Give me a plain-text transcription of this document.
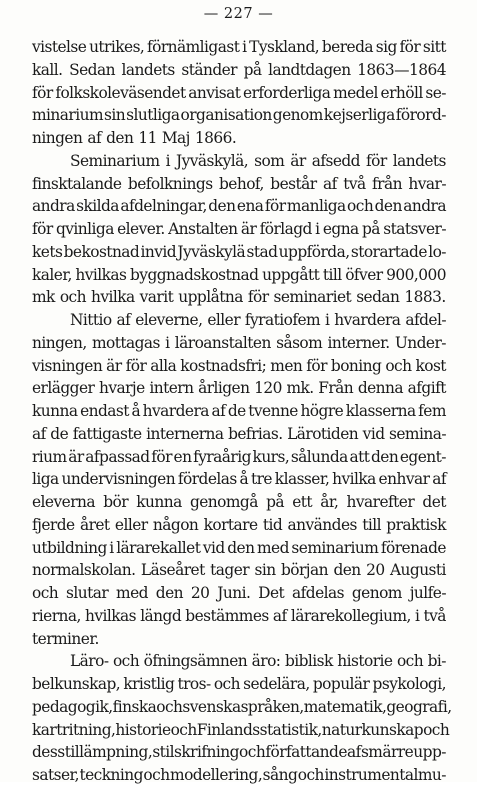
— 227 —
vistelse utrikes, förnämligast i Tyskland, bereda sig för sitt
kall. Sedan landets ständer på landtdagen 1863—1864
för folkskoleväsendet anvisat erforderliga medel erhöll se-
minarium sin slutliga organisation genom kejserliga förord-
ningen af den 11 Maj 1866.
Seminarium i Jyväskylä, som är afsedd för landets
finsktalande befolknings behof, består af två från hvar-
andra skilda afdelningar, den ena för manliga och den andra
för qvinliga elever. Anstalten är förlagd i egna på statsver-
kets bekostnad invid Jyväskylä stad uppförda, storartade lo-
kaler, hvilkas byggnadskostnad uppgått till öfver 900,000
mk och hvilka varit upplåtna för seminariet sedan 1883.
Nittio af eleverne, eller fyratiofem i hvardera afdel-
ningen, mottagas i läroanstalten såsom interner. Under-
visningen är för alla kostnadsfri; men för boning och kost
erlägger hvarje intern årligen 120 mk. Från denna afgift
kunna endast å hvardera af de tvenne högre klasserna fem
af de fattigaste internerna befrias. Lärotiden vid semina-
rium är afpassad för en fyraårig kurs, sålunda att den egent-
liga undervisningen fördelas å tre klasser, hvilka enhvar af
eleverna bör kunna genomgå på ett år, hvarefter det
fjerde året eller någon kortare tid användes till praktisk
utbildning i lärarekallet vid den med seminarium förenade
normalskolan. Läseåret tager sin början den 20 Augusti
och slutar med den 20 Juni. Det afdelas genom julfe-
rierna, hvilkas längd bestämmes af lärarekollegium, i två
terminer.
Läro- och öfningsämnen äro: biblisk historie och bi-
belkunskap, kristlig tros- och sedelära, populär psykologi,
pedagogik, finska och svenska språken, matematik, geografi,
kartritning, historie och Finlands statistik, naturkunskap och
dess tillämpning, stilskrifning och författande af smärre upp-
satser, teckning och modellering, sång och instrumentalmu-
